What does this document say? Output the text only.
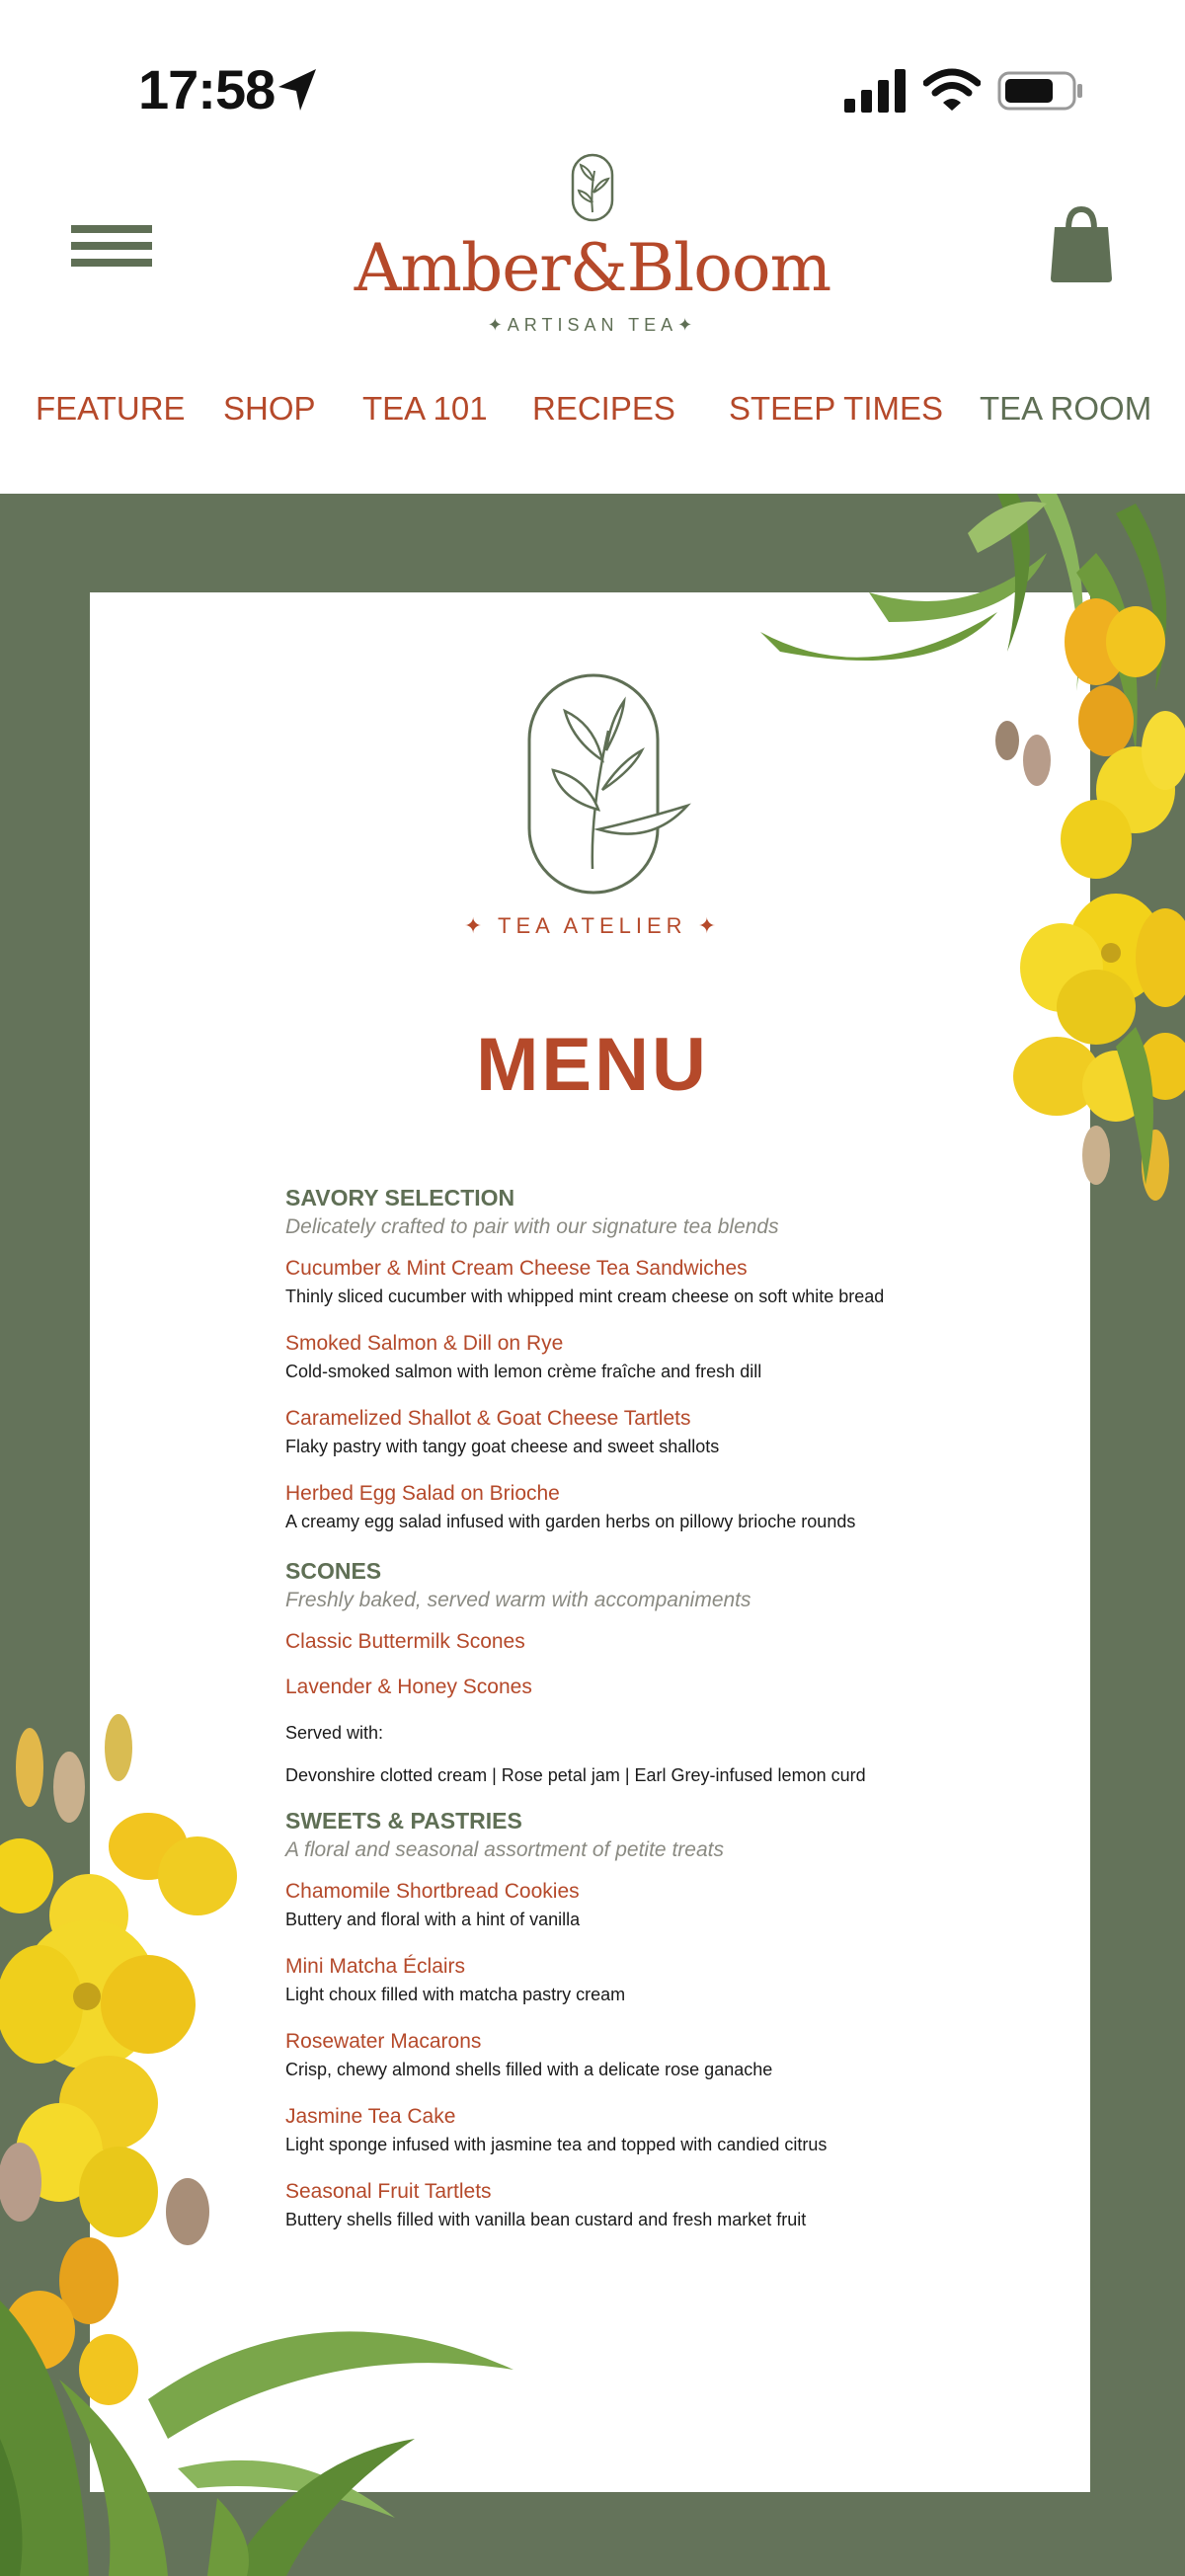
17:58
Amber&Bloom
✦ARTISAN TEA✦
FEATURE SHOP TEA 101 RECIPES STEEP TIMES TEA ROOM
✦ TEA ATELIER ✦
MENU
SAVORY SELECTION
Delicately crafted to pair with our signature tea blends
Cucumber & Mint Cream Cheese Tea Sandwiches
Thinly sliced cucumber with whipped mint cream cheese on soft white bread
Smoked Salmon & Dill on Rye
Cold-smoked salmon with lemon crème fraîche and fresh dill
Caramelized Shallot & Goat Cheese Tartlets
Flaky pastry with tangy goat cheese and sweet shallots
Herbed Egg Salad on Brioche
A creamy egg salad infused with garden herbs on pillowy brioche rounds
SCONES
Freshly baked, served warm with accompaniments
Classic Buttermilk Scones
Lavender & Honey Scones
Served with:
Devonshire clotted cream | Rose petal jam | Earl Grey-infused lemon curd
SWEETS & PASTRIES
A floral and seasonal assortment of petite treats
Chamomile Shortbread Cookies
Buttery and floral with a hint of vanilla
Mini Matcha Éclairs
Light choux filled with matcha pastry cream
Rosewater Macarons
Crisp, chewy almond shells filled with a delicate rose ganache
Jasmine Tea Cake
Light sponge infused with jasmine tea and topped with candied citrus
Seasonal Fruit Tartlets
Buttery shells filled with vanilla bean custard and fresh market fruit
